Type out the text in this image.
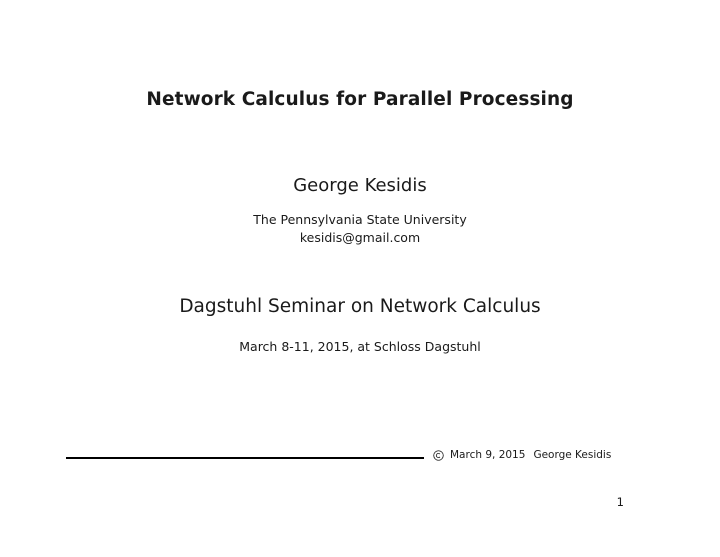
Network Calculus for Parallel Processing
George Kesidis
The Pennsylvania State University
kesidis@gmail.com
Dagstuhl Seminar on Network Calculus
March 8-11, 2015, at Schloss Dagstuhl
March 9, 2015 George Kesidis
1
